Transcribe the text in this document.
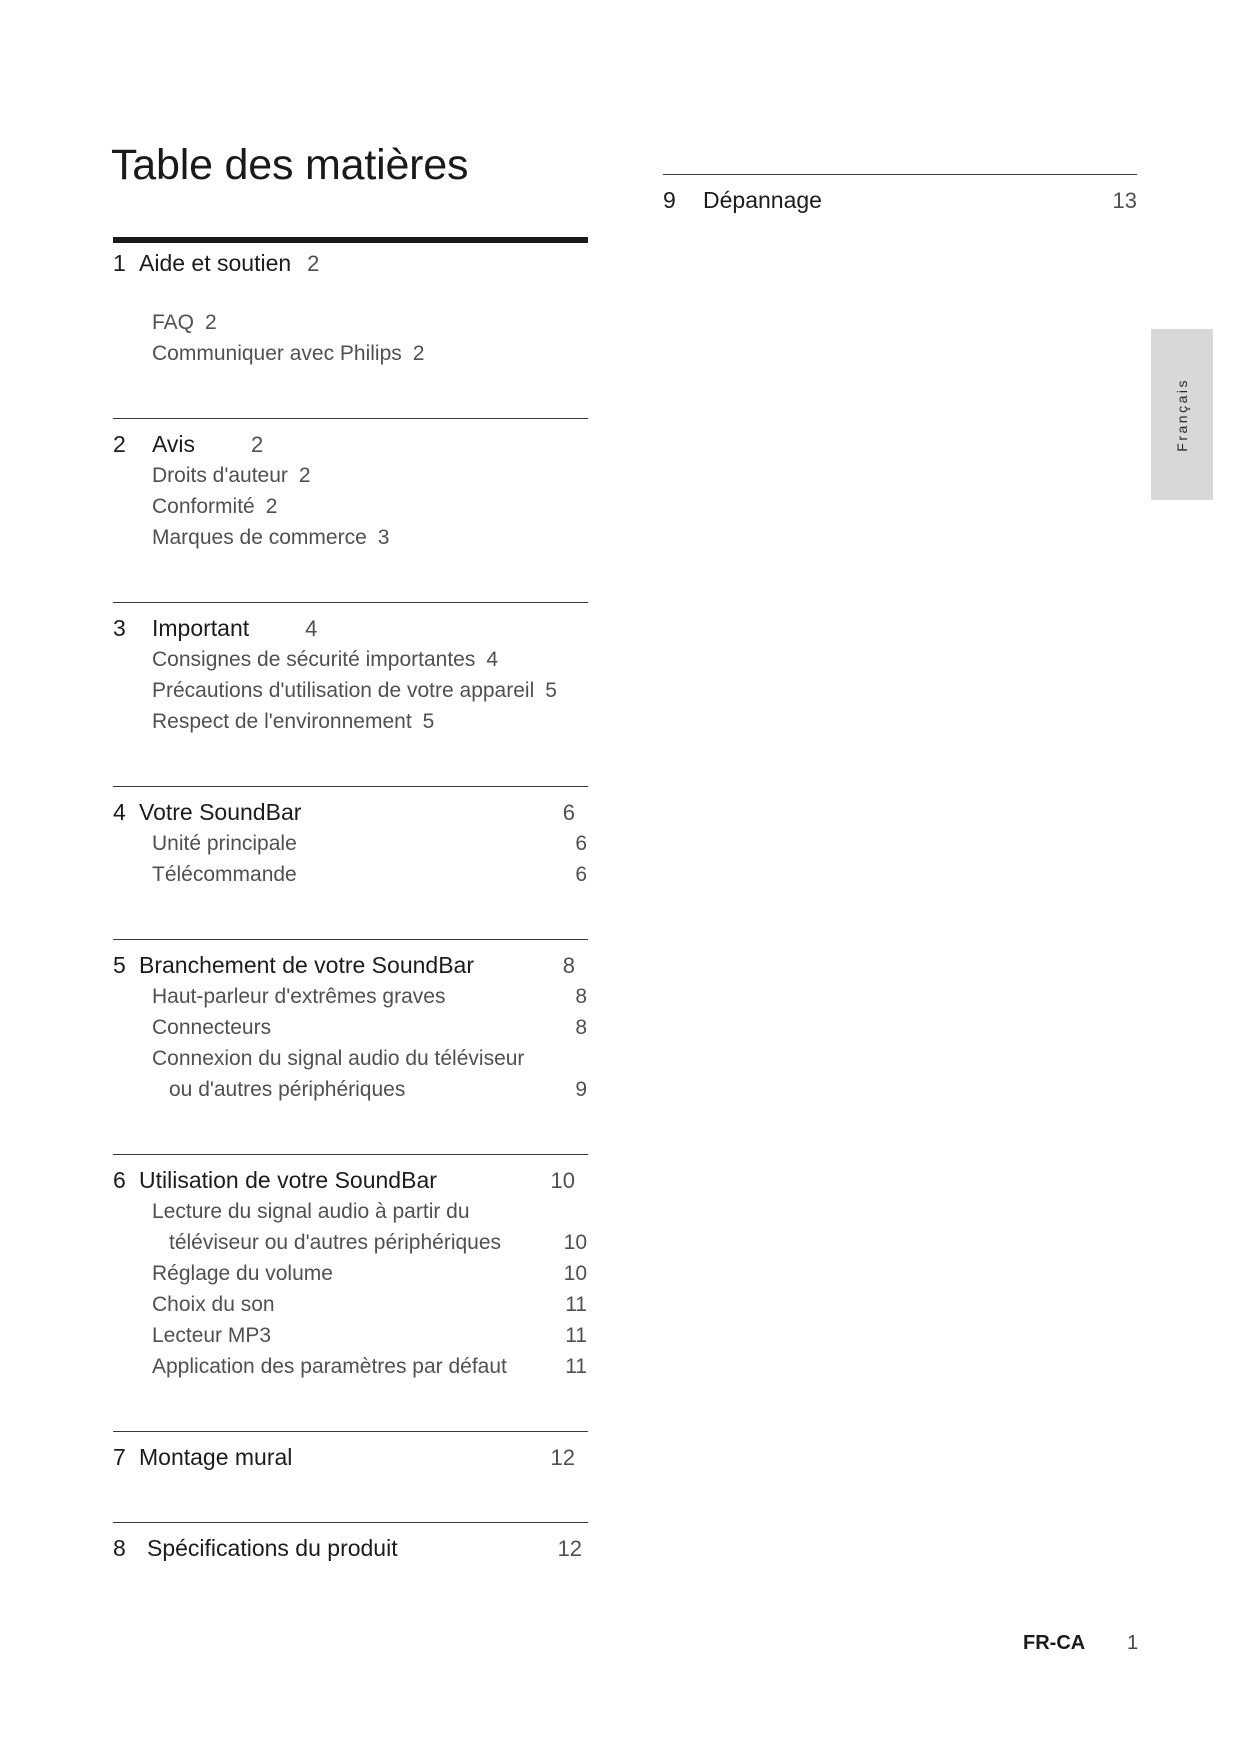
Table des matières
1 Aide et soutien 2
FAQ 2
Communiquer avec Philips 2
2	Avis	2
Droits d'auteur 2
Conformité 2
Marques de commerce 3
3	Important	4
Consignes de sécurité importantes 4
Précautions d'utilisation de votre appareil 5
Respect de l'environnement 5
4 Votre SoundBar	6
Unité principale	6
Télécommande	6
5 Branchement de votre SoundBar	8
Haut-parleur d'extrêmes graves	8
Connecteurs	8
Connexion du signal audio du téléviseur
ou d'autres périphériques	9
6 Utilisation de votre SoundBar	10
Lecture du signal audio à partir du
téléviseur ou d'autres périphériques	10
Réglage du volume	10
Choix du son	11
Lecteur MP3	11
Application des paramètres par défaut	11
7 Montage mural	12
8 Spécifications du produit	12
9	Dépannage	13
Français
FR-CA 1
